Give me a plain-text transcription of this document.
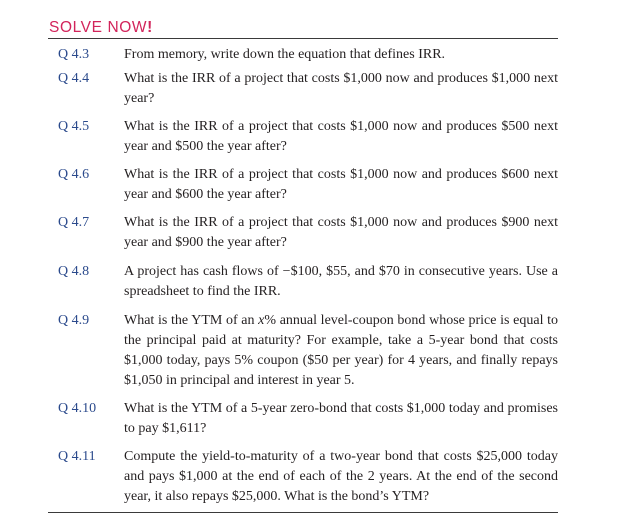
SOLVE NOW!
Q 4.3	From memory, write down the equation that defines IRR.
Q 4.4	What is the IRR of a project that costs $1,000 now and produces $1,000 next year?
Q 4.5	What is the IRR of a project that costs $1,000 now and produces $500 next year and $500 the year after?
Q 4.6	What is the IRR of a project that costs $1,000 now and produces $600 next year and $600 the year after?
Q 4.7	What is the IRR of a project that costs $1,000 now and produces $900 next year and $900 the year after?
Q 4.8	A project has cash flows of −$100, $55, and $70 in consecutive years. Use a spreadsheet to find the IRR.
Q 4.9	What is the YTM of an x% annual level-coupon bond whose price is equal to the principal paid at maturity? For example, take a 5-year bond that costs $1,000 today, pays 5% coupon ($50 per year) for 4 years, and finally repays $1,050 in principal and interest in year 5.
Q 4.10	What is the YTM of a 5-year zero-bond that costs $1,000 today and promises to pay $1,611?
Q 4.11	Compute the yield-to-maturity of a two-year bond that costs $25,000 today and pays $1,000 at the end of each of the 2 years. At the end of the second year, it also repays $25,000. What is the bond’s YTM?
